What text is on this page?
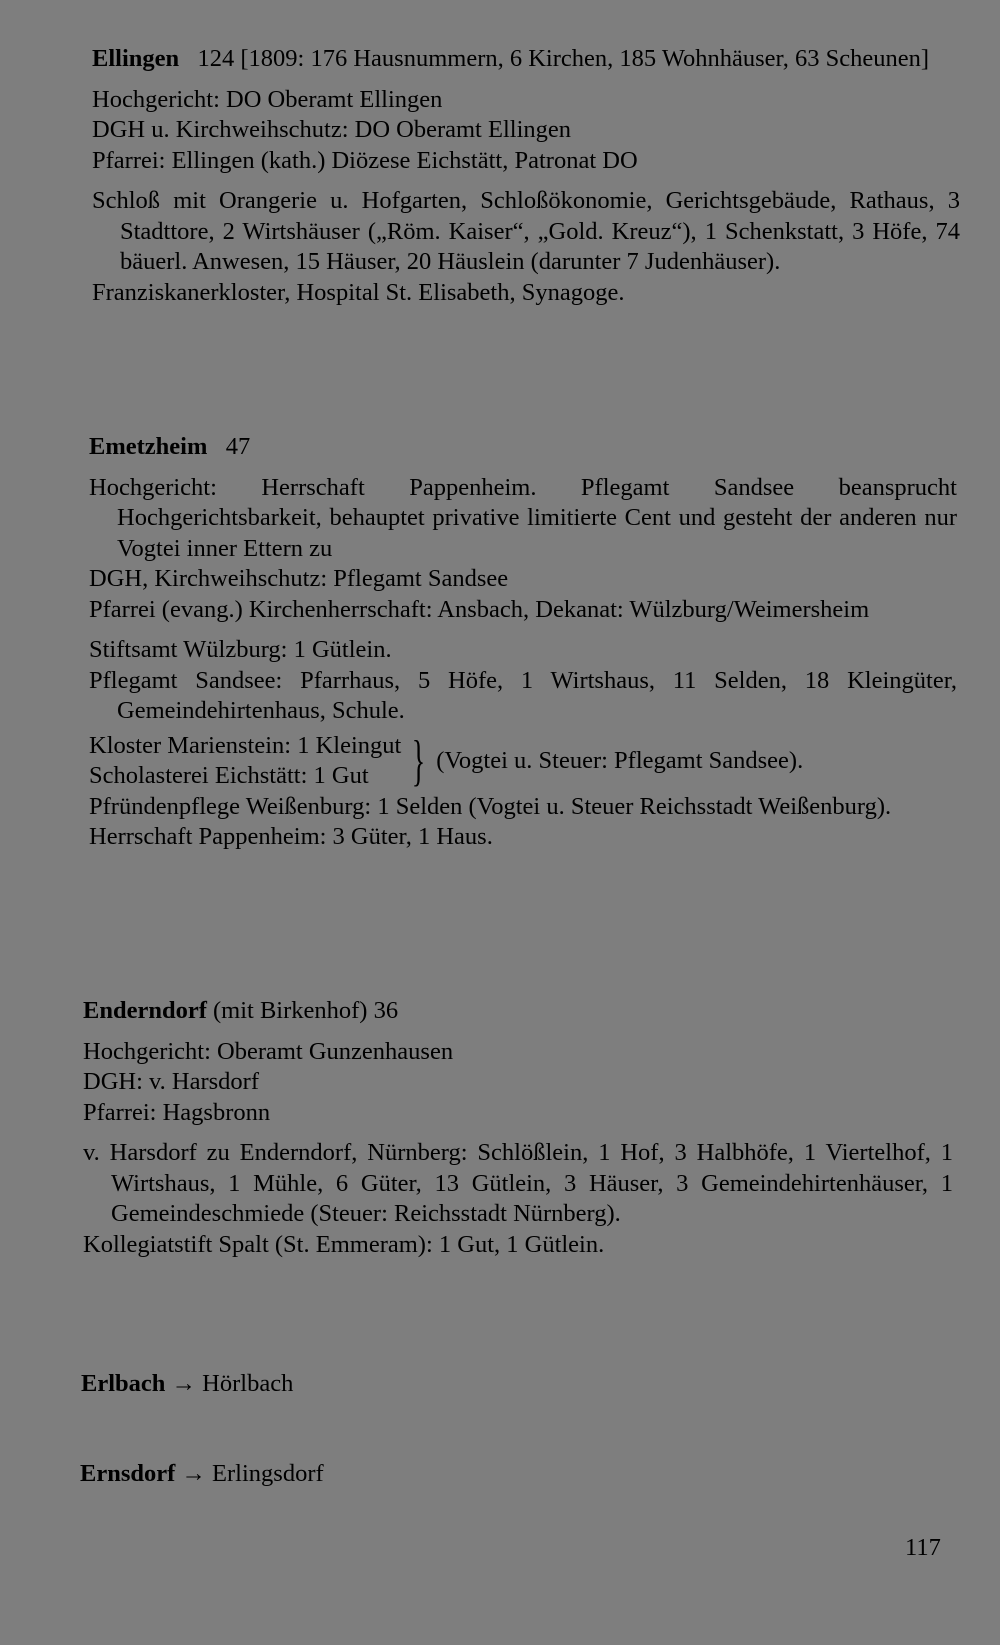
Ellingen 124 [1809: 176 Hausnummern, 6 Kirchen, 185 Wohnhäuser, 63 Scheunen]

Hochgericht: DO Oberamt Ellingen

DGH u. Kirchweihschutz: DO Oberamt Ellingen

Pfarrei: Ellingen (kath.) Diözese Eichstätt, Patronat DO

Schloß mit Orangerie u. Hofgarten, Schloßökonomie, Gerichtsgebäude, Rathaus, 3 Stadttore, 2 Wirtshäuser („Röm. Kaiser“, „Gold. Kreuz“), 1 Schenkstatt, 3 Höfe, 74 bäuerl. Anwesen, 15 Häuser, 20 Häuslein (darunter 7 Judenhäuser).

Franziskanerkloster, Hospital St. Elisabeth, Synagoge.

Emetzheim 47

Hochgericht: Herrschaft Pappenheim. Pflegamt Sandsee beansprucht Hochgerichtsbarkeit, behauptet privative limitierte Cent und gesteht der anderen nur Vogtei inner Ettern zu

DGH, Kirchweihschutz: Pflegamt Sandsee

Pfarrei (evang.) Kirchenherrschaft: Ansbach, Dekanat: Wülzburg/Weimersheim

Stiftsamt Wülzburg: 1 Gütlein.

Pflegamt Sandsee: Pfarrhaus, 5 Höfe, 1 Wirtshaus, 11 Selden, 18 Kleingüter, Gemeindehirtenhaus, Schule.

Kloster Marienstein: 1 Kleingut
Scholasterei Eichstätt: 1 Gut } (Vogtei u. Steuer: Pflegamt Sandsee).

Pfründenpflege Weißenburg: 1 Selden (Vogtei u. Steuer Reichsstadt Weißenburg).

Herrschaft Pappenheim: 3 Güter, 1 Haus.

Enderndorf (mit Birkenhof) 36

Hochgericht: Oberamt Gunzenhausen

DGH: v. Harsdorf

Pfarrei: Hagsbronn

v. Harsdorf zu Enderndorf, Nürnberg: Schlößlein, 1 Hof, 3 Halbhöfe, 1 Viertelhof, 1 Wirtshaus, 1 Mühle, 6 Güter, 13 Gütlein, 3 Häuser, 3 Gemeindehirtenhäuser, 1 Gemeindeschmiede (Steuer: Reichsstadt Nürnberg).

Kollegiatstift Spalt (St. Emmeram): 1 Gut, 1 Gütlein.

Erlbach → Hörlbach

Ernsdorf → Erlingsdorf

117
